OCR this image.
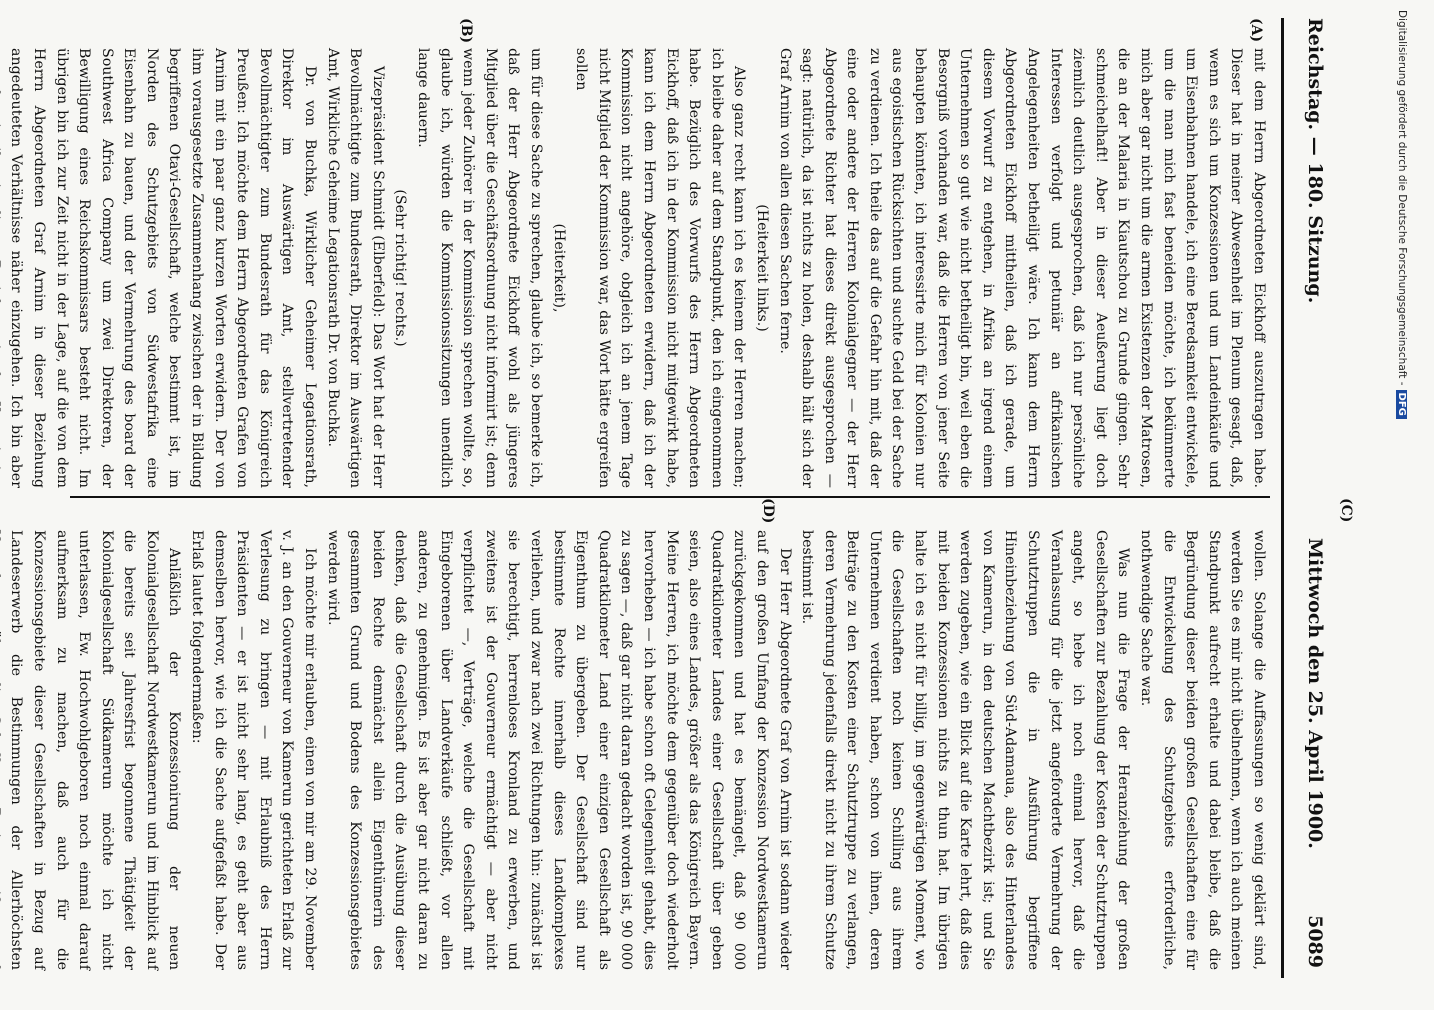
Reichstag. — 180. Sitzung.
Mittwoch den 25. April 1900.
5089
(A)
(B)
(C)
(D)

mit dem Herrn Abgeordneten Eickhoff auszutragen habe. Dieser hat in meiner Abwesenheit im Plenum gesagt, daß, wenn es sich um Konzessionen und um Landeinkäufe und um Eisenbahnen handele, ich eine Beredsamkeit entwickele, um die man mich fast beneiden möchte, ich bekümmerte mich aber gar nicht um die armen Existenzen der Matrosen, die an der Malaria in Kiautschou zu Grunde gingen. Sehr schmeichelhaft! Aber in dieser Aeußerung liegt doch ziemlich deutlich ausgesprochen, daß ich nur persönliche Interessen verfolgt und petuniär an afrikanischen Angelegenheiten betheiligt wäre. Ich kann dem Herrn Abgeordneten Eickhoff mittheilen, daß ich gerade, um diesem Vorwurf zu entgehen, in Afrika an irgend einem Unternehmen so gut wie nicht betheiligt bin, weil eben die Besorgniß vorhanden war, daß die Herren von jener Seite behaupten könnten, ich interessirte mich für Kolonien nur aus egoistischen Rücksichten und suchte Geld bei der Sache zu verdienen. Ich theile das auf die Gefahr hin mit, daß der eine oder andere der Herren Kolonialgegner — der Herr Abgeordnete Richter hat dieses direkt ausgesprochen — sagt: natürlich, da ist nichts zu holen, deshalb hält sich der Graf Arnim von allen diesen Sachen ferne.

(Heiterkeit links.)

Also ganz recht kann ich es keinem der Herren machen; ich bleibe daher auf dem Standpunkt, den ich eingenommen habe. Bezüglich des Vorwurfs des Herrn Abgeordneten Eickhoff, daß ich in der Kommission nicht mitgewirkt habe, kann ich dem Herrn Abgeordneten erwidern, daß ich der Kommission nicht angehöre, obgleich ich an jenem Tage nicht Mitglied der Kommission war, das Wort hätte ergreifen sollen

(Heiterkeit),

um für diese Sache zu sprechen, glaube ich, so bemerke ich, daß der Herr Abgeordnete Eickhoff wohl als jüngeres Mitglied über die Geschäftsordnung nicht informirt ist; denn wenn jeder Zuhörer in der Kommission sprechen wollte, so, glaube ich, würden die Kommissionssitzungen unendlich lange dauern.

(Sehr richtig! rechts.)

Vizepräsident Schmidt (Elberfeld): Das Wort hat der Herr Bevollmächtigte zum Bundesrath, Direktor im Auswärtigen Amt, Wirkliche Geheime Legationsrath Dr. von Buchka.

Dr. von Buchka, Wirklicher Geheimer Legationsrath, Direktor im Auswärtigen Amt, stellvertretender Bevollmächtigter zum Bundesrath für das Königreich Preußen: Ich möchte dem Herrn Abgeordneten Grafen von Arnim mit ein paar ganz kurzen Worten erwidern. Der von ihm vorausgesetzte Zusammenhang zwischen der in Bildung begriffenen Otavi-Gesellschaft, welche bestimmt ist, im Norden des Schutzgebiets von Südwestafrika eine Eisenbahn zu bauen, und der Vermehrung des board der Southwest Africa Company um zwei Direktoren, der Bewilligung eines Reichskommissars besteht nicht. Im übrigen bin ich zur Zeit nicht in der Lage, auf die von dem Herrn Abgeordneten Graf Arnim in dieser Beziehung angedeuteten Verhältnisse näher einzugehen. Ich bin aber

wollen. Solange die Auffassungen so wenig geklärt sind, werden Sie es mir nicht übelnehmen, wenn ich auch meinen Standpunkt aufrecht erhalte und dabei bleibe, daß die Begründung dieser beiden großen Gesellschaften eine für die Entwickelung des Schutzgebiets erforderliche, nothwendige Sache war.

Was nun die Frage der Heranziehung der großen Gesellschaften zur Bezahlung der Kosten der Schutztruppen angeht, so hebe ich noch einmal hervor, daß die Veranlassung für die jetzt angeforderte Vermehrung der Schutztruppen die in Ausführung begriffene Hineinbeziehung von Süd-Adamaua, also des Hinterlandes von Kamerun, in den deutschen Machtbezirk ist; und Sie werden zugeben, wie ein Blick auf die Karte lehrt, daß dies mit beiden Konzessionen nichts zu thun hat. Im übrigen halte ich es nicht für billig, im gegenwärtigen Moment, wo die Gesellschaften noch keinen Schilling aus ihrem Unternehmen verdient haben, schon von ihnen, deren Beiträge zu den Kosten einer Schutztruppe zu verlangen, deren Vermehrung jedenfalls direkt nicht zu ihrem Schutze bestimmt ist.

Der Herr Abgeordnete Graf von Arnim ist sodann wieder auf den großen Umfang der Konzession Nordwestkamerun zurückgekommen und hat es bemängelt, daß 90 000 Quadratkilometer Landes einer Gesellschaft über geben seien, also eines Landes, größer als das Königreich Bayern. Meine Herren, ich möchte dem gegenüber doch wiederholt hervorheben — ich habe schon oft Gelegenheit gehabt, dies zu sagen —, daß gar nicht daran gedacht worden ist, 90 000 Quadratkilometer Land einer einzigen Gesellschaft als Eigenthum zu übergeben. Der Gesellschaft sind nur bestimmte Rechte innerhalb dieses Landkomplexes verliehen, und zwar nach zwei Richtungen hin: zunächst ist sie berechtigt, herrenloses Kronland zu erwerben, und zweitens ist der Gouverneur ermächtigt — aber nicht verpflichtet —, Verträge, welche die Gesellschaft mit Eingeborenen über Landverkäufe schließt, vor allen anderen, zu genehmigen. Es ist aber gar nicht daran zu denken, daß die Gesellschaft durch die Ausübung dieser beiden Rechte demnächst allein Eigenthümerin des gesammten Grund und Bodens des Konzessionsgebietes werden wird.

Ich möchte mir erlauben, einen von mir am 29. November v. J. an den Gouverneur von Kamerun gerichteten Erlaß zur Verlesung zu bringen — mit Erlaubniß des Herrn Präsidenten — er ist nicht sehr lang, es geht aber aus demselben hervor, wie ich die Sache aufgefaßt habe. Der Erlaß lautet folgendermaßen:

Anläßlich der Konzessionirung der neuen Kolonialgesellschaft Nordwestkamerun und im Hinblick auf die bereits seit Jahresfrist begonnene Thätigkeit der Kolonialgesellschaft Südkamerun möchte ich nicht unterlassen, Ew. Hochwohlgeboren noch einmal darauf aufmerksam zu machen, daß auch für die Konzessionsgebiete dieser Gesellschaften in Bezug auf Landeserwerb die Bestimmungen der Allerhöchsten

Digitalisierung gefördert durch die Deutsche Forschungsgemeinschaft -DFG
